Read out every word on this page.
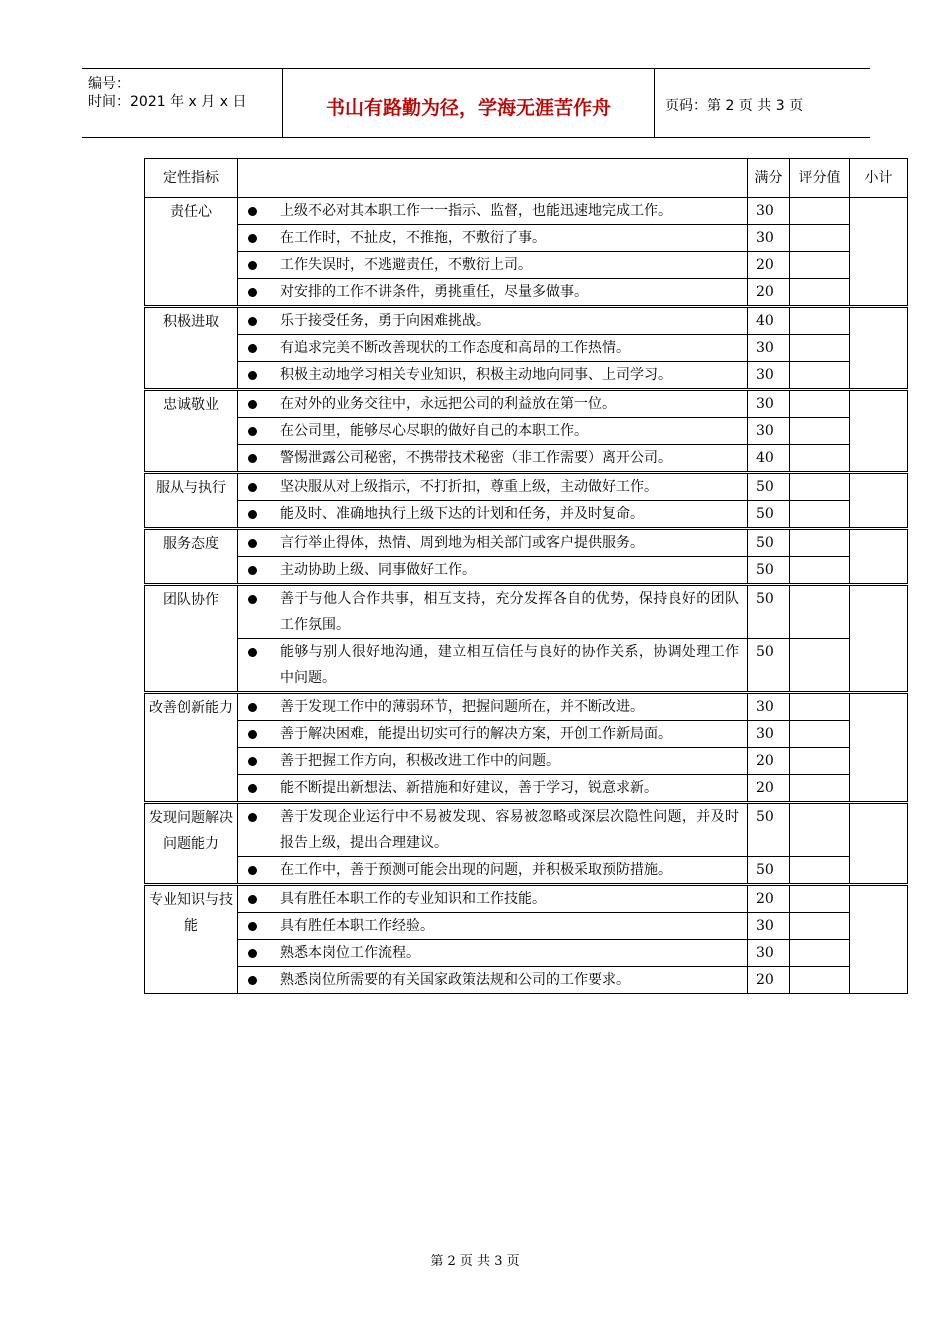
编号：
时间：2021 年 x 月 x 日	书山有路勤为径，学海无涯苦作舟	页码：第 2 页 共 3 页
定性指标		满分	评分值	小计
责任心	上级不必对其本职工作一一指示、监督，也能迅速地完成工作。	30		

在工作时，不扯皮，不推拖，不敷衍了事。	30		

工作失误时，不逃避责任，不敷衍上司。	20		

对安排的工作不讲条件，勇挑重任，尽量多做事。	20		
积极进取	乐于接受任务，勇于向困难挑战。	40		

有追求完美不断改善现状的工作态度和高昂的工作热情。	30		

积极主动地学习相关专业知识，积极主动地向同事、上司学习。	30		
忠诚敬业	在对外的业务交往中，永远把公司的利益放在第一位。	30		

在公司里，能够尽心尽职的做好自己的本职工作。	30		

警惕泄露公司秘密，不携带技术秘密（非工作需要）离开公司。	40		
服从与执行	坚决服从对上级指示，不打折扣，尊重上级，主动做好工作。	50		

能及时、准确地执行上级下达的计划和任务，并及时复命。	50		
服务态度	言行举止得体，热情、周到地为相关部门或客户提供服务。	50		

主动协助上级、同事做好工作。	50		
团队协作	善于与他人合作共事，相互支持，充分发挥各自的优势，保持良好的团队工作氛围。	50		

能够与别人很好地沟通，建立相互信任与良好的协作关系，协调处理工作中问题。	50		
改善创新能力	善于发现工作中的薄弱环节，把握问题所在，并不断改进。	30		

善于解决困难，能提出切实可行的解决方案，开创工作新局面。	30		

善于把握工作方向，积极改进工作中的问题。	20		

能不断提出新想法、新措施和好建议，善于学习，锐意求新。	20		
发现问题解决问题能力	善于发现企业运行中不易被发现、容易被忽略或深层次隐性问题，并及时报告上级，提出合理建议。	50		

在工作中，善于预测可能会出现的问题，并积极采取预防措施。	50		
专业知识与技能	具有胜任本职工作的专业知识和工作技能。	20		

具有胜任本职工作经验。	30		

熟悉本岗位工作流程。	30		

熟悉岗位所需要的有关国家政策法规和公司的工作要求。	20		
第 2 页 共 3 页
